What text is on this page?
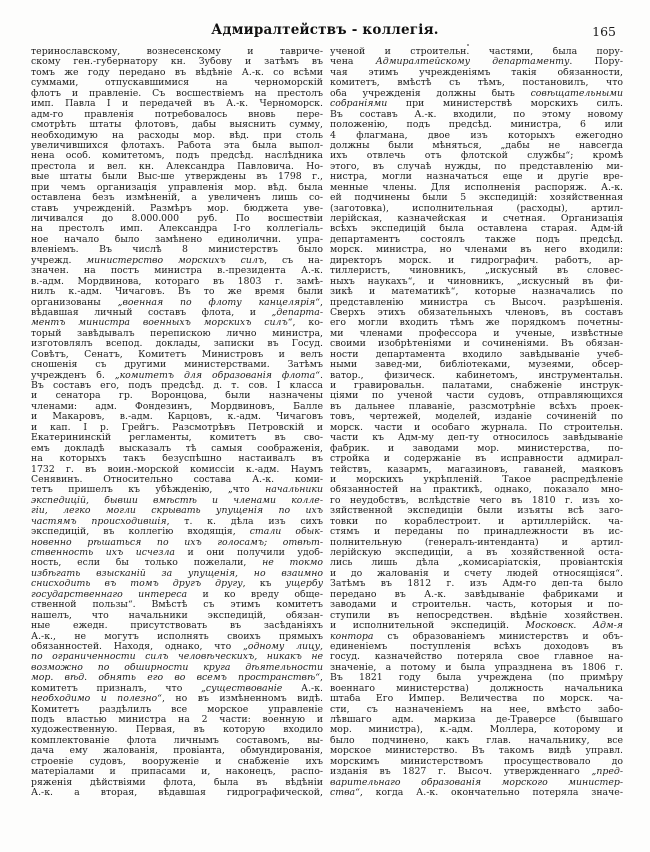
Адмиралтействъ - коллегія.	165
теринославскому, вознесенскому и тавриче-
скому ген.-губернатору кн. Зубову и затѣмъ въ
томъ же году передано въ вѣдѣніе А.-к. со всѣми
суммами, отпускавшимися на черноморскій
флотъ и правленіе. Съ восшествіемъ на престолъ
имп. Павла I и передачей въ А.-к. Черноморск.
адм-го правленія потребовалось вновь пере-
смотрѣть штаты флотовъ, дабы выяснить сумму,
необходимую на расходы мор. вѣд. при столь
увеличившихся флотахъ. Работа эта была выпол-
нена особ. комитетомъ, подъ предсѣд. наслѣдника
престола и вел. кн. Александра Павловича. Но-
вые штаты были Выс-ше утверждены въ 1798 г.,
при чемъ организація управленія мор. вѣд. была
оставлена безъ измѣненій, а увеличенъ лишь со-
ставъ учрежденій. Размѣръ мор. бюджета уве-
личивался до 8.000.000 руб. По восшествіи
на престолъ имп. Александра I-го коллегіаль-
ное начало было замѣнено единолични. упра-
вленіемъ. Въ числѣ 8 министерствъ было
учрежд. министерство морскихъ силъ, съ на-
значен. на постъ министра в.-президента А.-к.
в.-адм. Мордвинова, котораго въ 1803 г. замѣ-
нилъ к.-адм. Чичаговъ. Въ то же время были
организованы „военная по флоту канцелярія“,
вѣдавшая личный составъ флота, и „департа-
ментъ министра военныхъ морскихъ силъ“, ко-
торый завѣдывалъ перепискою лично министра,
изготовлялъ всепод. доклады, записки въ Госуд.
Совѣтъ, Сенатъ, Комитетъ Министровъ и велъ
сношенія съ другими министерствами. Затѣмъ
учрежденъ б. „комитетъ для образованія флота“.
Въ составъ его, подъ предсѣд. д. т. сов. I класса
и сенатора гр. Воронцова, были назначены
членами: адм. Фондезинъ, Мордвиновъ, Балле
и Макаровъ, в.-адм. Карцовъ, к.-адм. Чичаговъ
и кап. I р. Грейгъ. Разсмотрѣвъ Петровскій и
Екатерининскій регламенты, комитетъ въ сво-
емъ докладѣ высказалъ тѣ самыя соображенія,
на которыхъ такъ безуспѣшно настаивалъ въ
1732 г. въ воин.-морской комиссіи к.-адм. Наумъ
Сенявинъ. Относительно состава А.-к. коми-
тетъ пришелъ къ убѣжденію, „что начальники
экспедицій, бывши вмѣстѣ и членами колле-
гіи, легко могли скрывать упущенія по ихъ
частямъ происходившія, т. к. дѣла изъ сихъ
экспедицій, въ коллегію входящія, стали обык-
новенно рѣшаться по ихъ голосамъ; отвѣт-
ственность ихъ исчезла и они получили удоб-
ность, если бы только пожелали, не токмо
избѣгать взысканій за упущенія, но взаимно
снисходить въ томъ другъ другу, къ ущербу
государственнаго интереса и ко вреду обще-
ственной пользы“. Вмѣстѣ съ этимъ комитетъ
нашелъ, что начальники экспедицій, обязан-
ные ежедн. присутствовать въ засѣданіяхъ
А.-к., не могутъ исполнять своихъ прямыхъ
обязанностей. Находя, однако, что „одному лицу,
по ограниченности силъ человѣческихъ, никакъ не
возможно по обширности круга дѣятельности
мор. вѣд. обнять его во всемъ пространствѣ“,
комитетъ призналъ, что „существованіе А.-к.
необходимо и полезно“, но въ измѣненномъ видѣ.
Комитетъ раздѣлилъ все морское управленіе
подъ властью министра на 2 части: военную и
художественную. Первая, въ которую входило
комплектованіе флота личнымъ составомъ, вы-
дача ему жалованія, провіанта, обмундированія,
строеніе судовъ, вооруженіе и снабженіе ихъ
матеріалами и припасами и, наконецъ, распо-
ряженія дѣйствіями флота, была въ вѣдѣніи
А.-к. а вторая, вѣдавшая гидрографической,
ученой и строительн. частями, была пору-
чена Адмиралтейскому департаменту. Пору-
чая этимъ учрежденіямъ такія обязанности,
комитетъ, вмѣстѣ съ тѣмъ, постановилъ, что
оба учрежденія должны быть совѣщательными
собраніями при министерствѣ морскихъ силъ.
Въ составъ А.-к. входили, по этому новому
положенію, подъ предсѣд. министра, 6 или
4 флагмана, двое изъ которыхъ ежегодно
должны были мѣняться, „дабы не навсегда
ихъ отвлечь отъ флотской службы“; кромѣ
этого, въ случаѣ нужды, по представленію ми-
нистра, могли назначаться еще и другіе вре-
менные члены. Для исполненія распоряж. А.-к.
ей подчинены были 5 экспедицій: хозяйственная
(заготовка), исполнительная (расходы), артил-
лерійская, казначейская и счетная. Организація
всѣхъ экспедицій была оставлена старая. Адм-ій
департаментъ состоялъ также подъ предсѣд.
морск. министра, но членами въ него входили:
директоръ морск. и гидрографич. работъ, ар-
тиллеристъ, чиновникъ, „искусный въ словес-
ныхъ наукахъ“, и чиновникъ, „искусный въ фи-
зикѣ и математикѣ“, которые назначались по
представленію министра съ Высоч. разрѣшенія.
Сверхъ этихъ обязательныхъ членовъ, въ составъ
его могли входить тѣмъ же порядкомъ почетны-
ми членами профессора и ученые, извѣстные
своими изобрѣтеніями и сочиненіями. Въ обязан-
ности департамента входило завѣдываніе учеб-
ными завед-ми, библіотеками, музеями, обсер-
ватор., физическ. кабинетомъ, инструментальн.
и гравировальн. палатами, снабженіе инструк-
ціями по ученой части судовъ, отправляющихся
въ дальнее плаваніе, разсмотрѣніе всѣхъ проек-
товъ, чертежей, моделей, изданіе сочиненій по
морск. части и особаго журнала. По строительн.
части къ Адм-му деп-ту относилось завѣдываніе
фабрик. и заводами мор. министерства, по-
стройка и содержаніе въ исправности адмирал-
тействъ, казармъ, магазиновъ, гаваней, маяковъ
и морскихъ укрѣпленій. Такое распредѣленіе
обязанностей на практикѣ, однако, показало мно-
го неудобствъ, вслѣдствіе чего въ 1810 г. изъ хо-
зяйственной экспедиціи были изъяты всѣ заго-
товки по кораблестроит. и артиллерійск. ча-
стямъ и переданы по принадлежности въ ис-
полнительную (генералъ-интенданта) и артил-
лерійскую экспедиціи, а въ хозяйственной оста-
лись лишь дѣла „комисаріатскія, провіантскія
и до жалованія и счету людей относящіяся“.
Затѣмъ въ 1812 г. изъ Адм-го деп-та было
передано въ А.-к. завѣдываніе фабриками и
заводами и строительн. часть, которыя и по-
ступили въ непосредствен. вѣдѣніе хозяйствен.
и исполнительной экспедицій. Московск. Адм-я
контора съ образованіемъ министерствъ и объ-
единеніемъ поступленія всѣхъ доходовъ въ
госуд. казначейство потеряла свое главное на-
значеніе, а потому и была упразднена въ 1806 г.
Въ 1821 году была учреждена (по примѣру
военнаго министерства) должность начальника
штаба Его Импер. Величества по морск. ча-
сти, съ назначеніемъ на нее, вмѣсто забо-
лѣвшаго адм. маркиза де-Траверсе (бывшаго
мор. министра), к.-адм. Моллера, которому и
было подчинено, какъ глав. начальнику, все
морское министерство. Въ такомъ видѣ управл.
морскимъ министерствомъ просуществовало до
изданія въ 1827 г. Высоч. утвержденнаго „пред-
варительнаго образованія морского министер-
ства“, когда А.-к. окончательно потеряла значе-
